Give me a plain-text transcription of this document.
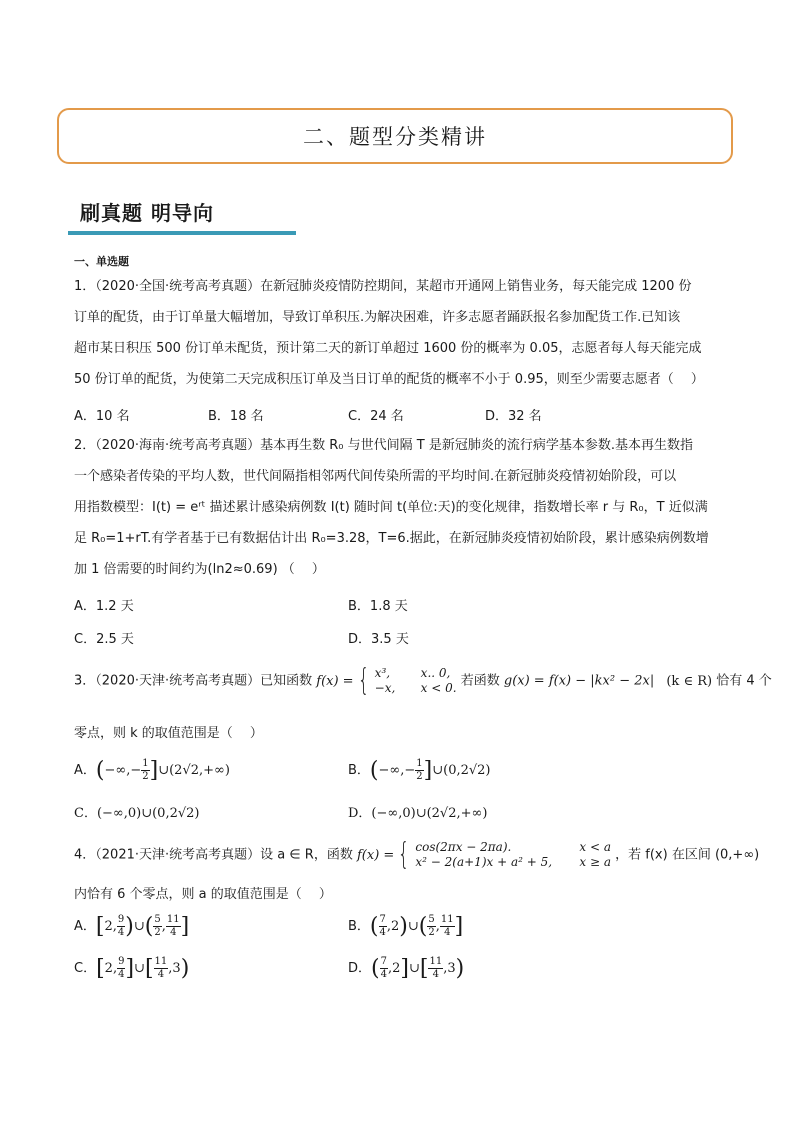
二、题型分类精讲
刷真题 明导向
一、单选题

1．（2020·全国·统考高考真题）在新冠肺炎疫情防控期间，某超市开通网上销售业务，每天能完成 1200 份

订单的配货，由于订单量大幅增加，导致订单积压.为解决困难，许多志愿者踊跃报名参加配货工作.已知该

超市某日积压 500 份订单未配货，预计第二天的新订单超过 1600 份的概率为 0.05，志愿者每人每天能完成

50 份订单的配货，为使第二天完成积压订单及当日订单的配货的概率不小于 0.95，则至少需要志愿者（　 ）

A．10 名	B．18 名	C．24 名	D．32 名

2．（2020·海南·统考高考真题）基本再生数 R₀ 与世代间隔 T 是新冠肺炎的流行病学基本参数.基本再生数指

一个感染者传染的平均人数，世代间隔指相邻两代间传染所需的平均时间.在新冠肺炎疫情初始阶段，可以

用指数模型：I(t) = eʳᵗ 描述累计感染病例数 I(t) 随时间 t(单位:天)的变化规律，指数增长率 r 与 R₀，T 近似满

足 R₀=1+rT.有学者基于已有数据估计出 R₀=3.28，T=6.据此，在新冠肺炎疫情初始阶段，累计感染病例数增

加 1 倍需要的时间约为(ln2≈0.69) （　 ）

A．1.2 天	B．1.8 天
C．2.5 天	D．3.5 天
3．（2020·天津·统考高考真题）已知函数 f(x) = { x³,	x.. 0,
−x,	x < 0. 若函数 g(x) = f(x) − |kx² − 2x| (k ∈ R) 恰有 4 个
零点，则 k 的取值范围是（　 ）
A．(−∞,− $\frac{1}{2}$ ]∪(2√2,+∞)	B．(−∞,− $\frac{1}{2}$ ]∪(0,2√2)
C．(−∞,0)∪(0,2√2)	D．(−∞,0)∪(2√2,+∞)
4．（2021·天津·统考高考真题）设 a ∈ R，函数 f(x) = { cos(2πx − 2πa).	x < a
x² − 2(a+1)x + a² + 5,	x ≥ a ，若 f(x) 在区间 (0,+∞)
内恰有 6 个零点，则 a 的取值范围是（　 ）
A．[2, $\frac{9}{4}$ )∪( $\frac{5}{2}$ , $\frac{11}{4}$ ]	B．( $\frac{7}{4}$ ,2)∪( $\frac{5}{2}$ , $\frac{11}{4}$ ]
C．[2, $\frac{9}{4}$ ]∪[ $\frac{11}{4} ,3$)	D．( $\frac{7}{4}$ ,2]∪[ $\frac{11}{4} ,3$)
